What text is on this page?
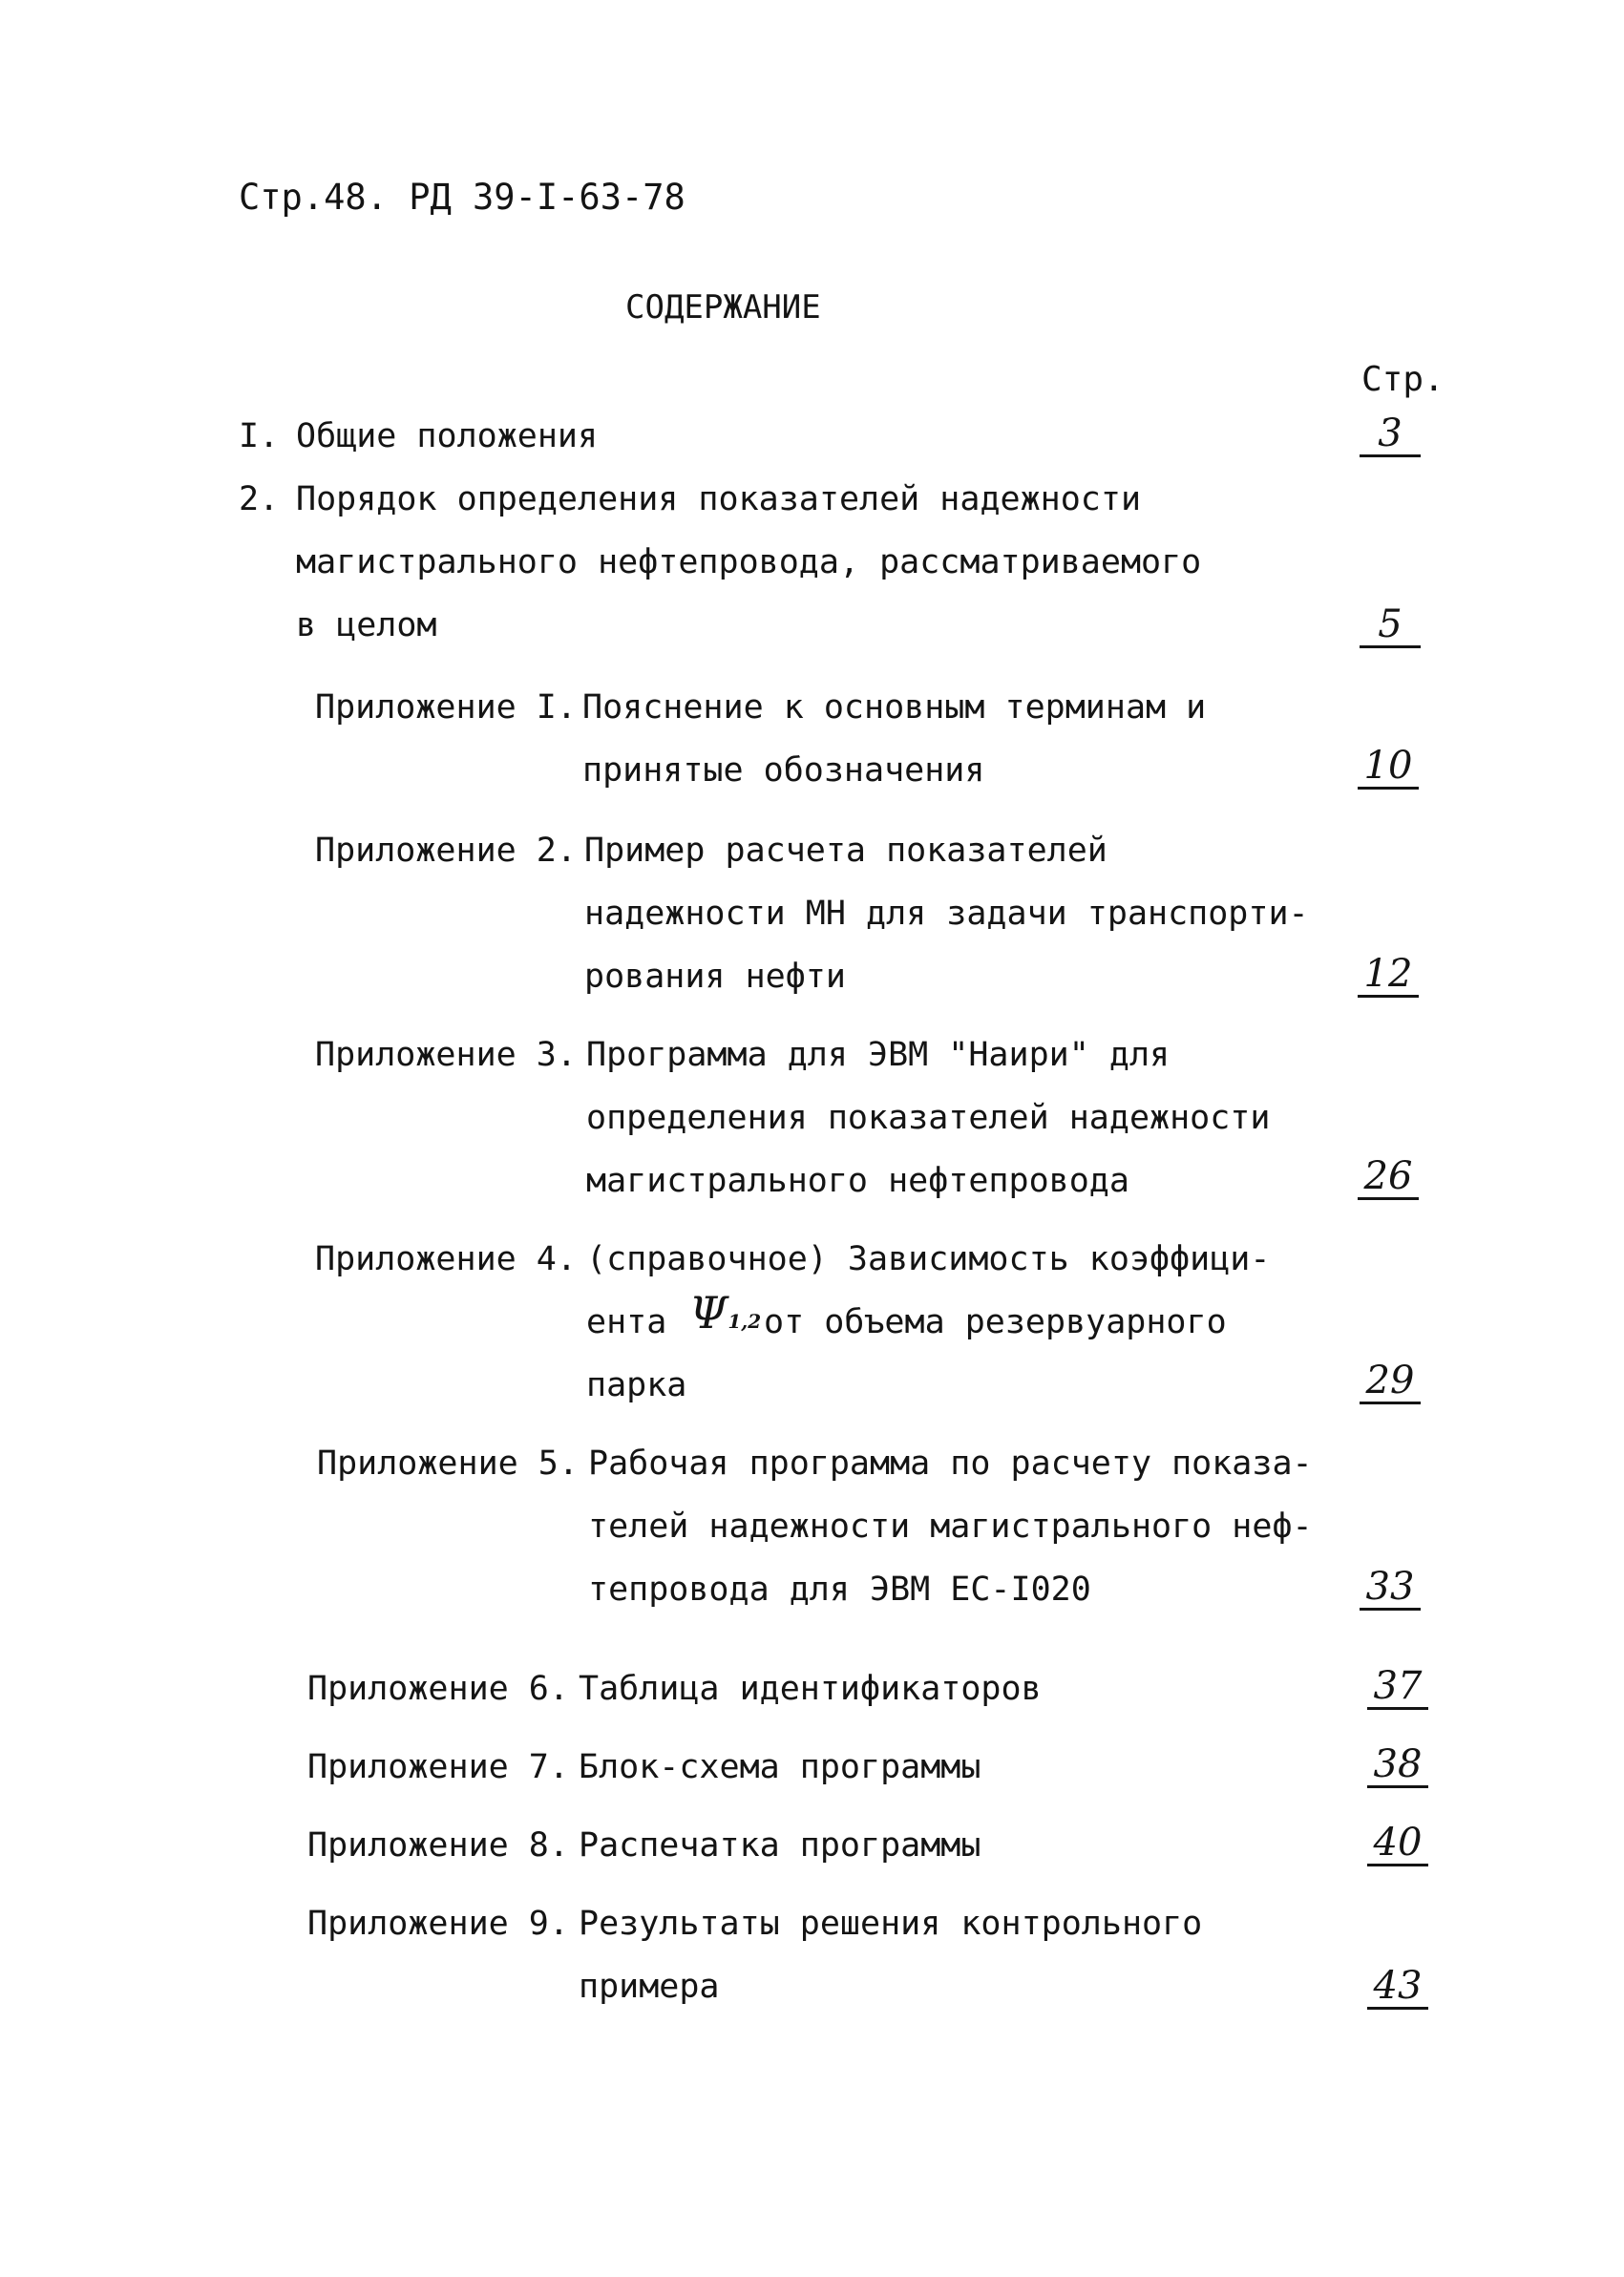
Стр.48. РД 39-I-63-78
СОДЕРЖАНИЕ
Стр.
I. Общие положения	3
2. Порядок определения показателей надежности
магистрального нефтепровода, рассматриваемого
в целом	5
Приложение I. Пояснение к основным терминам и
принятые обозначения	10
Приложение 2. Пример расчета показателей
надежности МН для задачи транспорти-
рования нефти	12
Приложение 3. Программа для ЭВМ "Наири" для
определения показателей надежности
магистрального нефтепровода	26
Приложение 4. (справочное) Зависимость коэффици-
ента Ψ1,2 от объема резервуарного
парка	29
Приложение 5. Рабочая программа по расчету показа-
телей надежности магистрального неф-
тепровода для ЭВМ ЕС-I020	33
Приложение 6. Таблица идентификаторов	37
Приложение 7. Блок-схема программы	38
Приложение 8. Распечатка программы	40
Приложение 9. Результаты решения контрольного
примера	43
